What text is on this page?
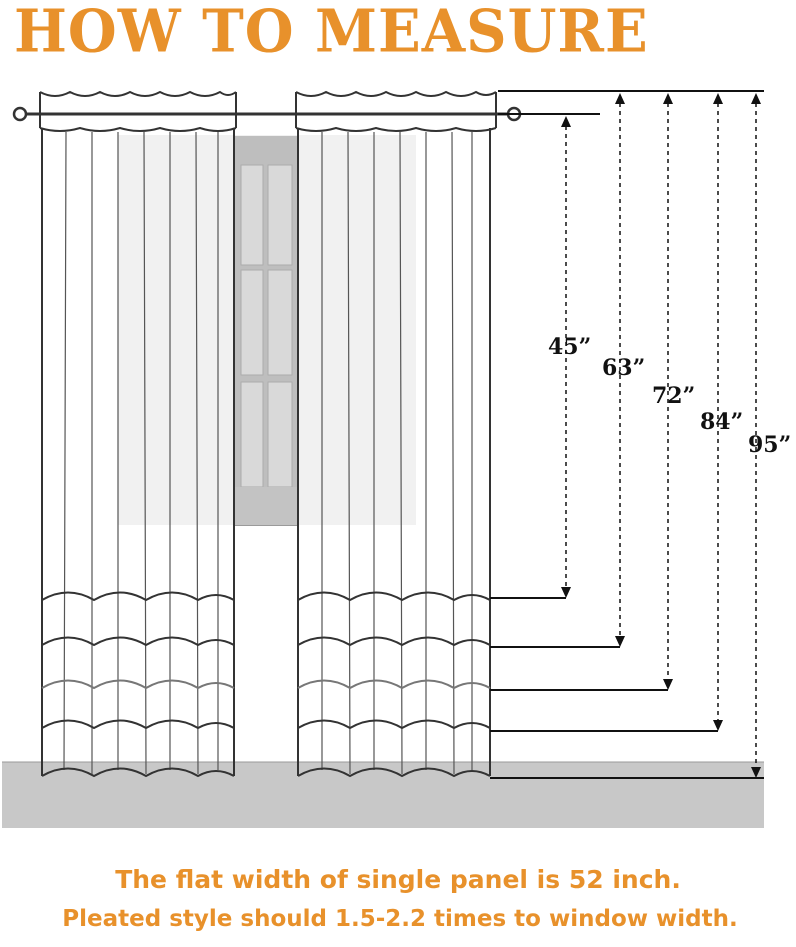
HOW TO MEASURE
45”
63”
72”
84”
95”

The flat width of single panel is 52 inch.

Pleated style should 1.5-2.2 times to window width.
